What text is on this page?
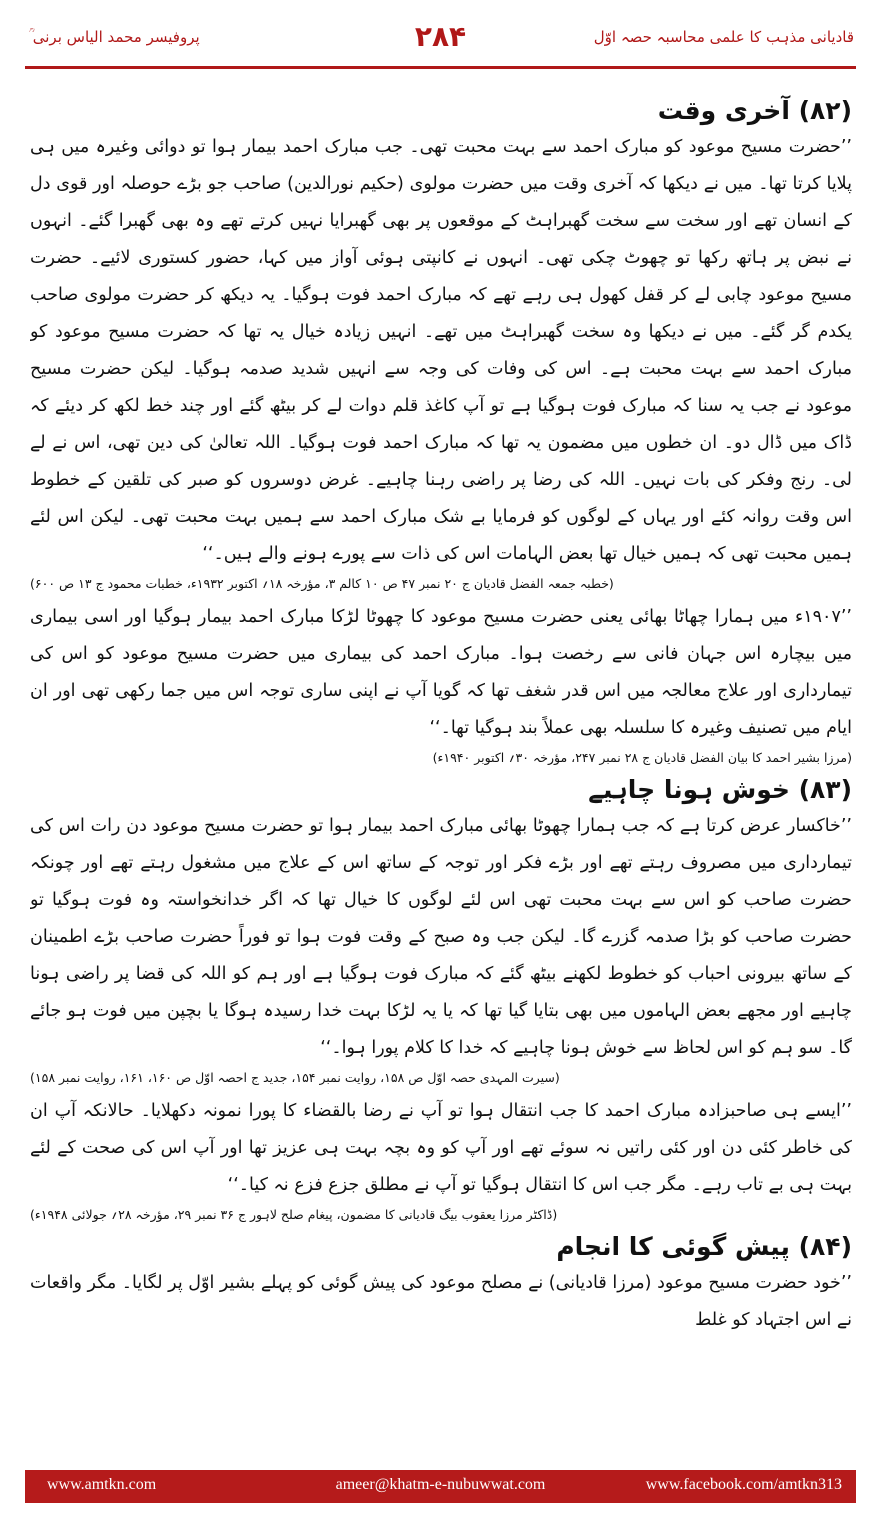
پروفیسر محمد الیاس برنی ؒ	۲۸۴	قادیانی مذہب کا علمی محاسبہ حصہ اوّل
(۸۲) آخری وقت

’’حضرت مسیح موعود کو مبارک احمد سے بہت محبت تھی۔ جب مبارک احمد بیمار ہوا تو دوائی وغیرہ میں ہی پلایا کرتا تھا۔ میں نے دیکھا کہ آخری وقت میں حضرت مولوی (حکیم نورالدین) صاحب جو بڑے حوصلہ اور قوی دل کے انسان تھے اور سخت سے سخت گھبراہٹ کے موقعوں پر بھی گھبرایا نہیں کرتے تھے وہ بھی گھبرا گئے۔ انہوں نے نبض پر ہاتھ رکھا تو چھوٹ چکی تھی۔ انہوں نے کانپتی ہوئی آواز میں کہا، حضور کستوری لائیے۔ حضرت مسیح موعود چابی لے کر قفل کھول ہی رہے تھے کہ مبارک احمد فوت ہوگیا۔ یہ دیکھ کر حضرت مولوی صاحب یکدم گر گئے۔ میں نے دیکھا وہ سخت گھبراہٹ میں تھے۔ انہیں زیادہ خیال یہ تھا کہ حضرت مسیح موعود کو مبارک احمد سے بہت محبت ہے۔ اس کی وفات کی وجہ سے انہیں شدید صدمہ ہوگیا۔ لیکن حضرت مسیح موعود نے جب یہ سنا کہ مبارک فوت ہوگیا ہے تو آپ کاغذ قلم دوات لے کر بیٹھ گئے اور چند خط لکھ کر دیئے کہ ڈاک میں ڈال دو۔ ان خطوں میں مضمون یہ تھا کہ مبارک احمد فوت ہوگیا۔ اللہ تعالیٰ کی دین تھی، اس نے لے لی۔ رنج وفکر کی بات نہیں۔ اللہ کی رضا پر راضی رہنا چاہیے۔ غرض دوسروں کو صبر کی تلقین کے خطوط اس وقت روانہ کئے اور یہاں کے لوگوں کو فرمایا بے شک مبارک احمد سے ہمیں بہت محبت تھی۔ لیکن اس لئے ہمیں محبت تھی کہ ہمیں خیال تھا بعض الہامات اس کی ذات سے پورے ہونے والے ہیں۔‘‘

(خطبہ جمعہ الفضل قادیان ج ۲۰ نمبر ۴۷ ص ۱۰ کالم ۳، مؤرخہ ۱۸؍ اکتوبر ۱۹۳۲ء، خطبات محمود ج ۱۳ ص ۶۰۰)

’’۱۹۰۷ء میں ہمارا چھاٹا بھائی یعنی حضرت مسیح موعود کا چھوٹا لڑکا مبارک احمد بیمار ہوگیا اور اسی بیماری میں بیچارہ اس جہان فانی سے رخصت ہوا۔ مبارک احمد کی بیماری میں حضرت مسیح موعود کو اس کی تیمارداری اور علاج معالجہ میں اس قدر شغف تھا کہ گویا آپ نے اپنی ساری توجہ اس میں جما رکھی تھی اور ان ایام میں تصنیف وغیرہ کا سلسلہ بھی عملاً بند ہوگیا تھا۔‘‘

(مرزا بشیر احمد کا بیان الفضل قادیان ج ۲۸ نمبر ۲۴۷، مؤرخہ ۳۰؍ اکتوبر ۱۹۴۰ء)

(۸۳) خوش ہونا چاہیے

’’خاکسار عرض کرتا ہے کہ جب ہمارا چھوٹا بھائی مبارک احمد بیمار ہوا تو حضرت مسیح موعود دن رات اس کی تیمارداری میں مصروف رہتے تھے اور بڑے فکر اور توجہ کے ساتھ اس کے علاج میں مشغول رہتے تھے اور چونکہ حضرت صاحب کو اس سے بہت محبت تھی اس لئے لوگوں کا خیال تھا کہ اگر خدانخواستہ وہ فوت ہوگیا تو حضرت صاحب کو بڑا صدمہ گزرے گا۔ لیکن جب وہ صبح کے وقت فوت ہوا تو فوراً حضرت صاحب بڑے اطمینان کے ساتھ بیرونی احباب کو خطوط لکھنے بیٹھ گئے کہ مبارک فوت ہوگیا ہے اور ہم کو اللہ کی قضا پر راضی ہونا چاہیے اور مجھے بعض الہاموں میں بھی بتایا گیا تھا کہ یا یہ لڑکا بہت خدا رسیدہ ہوگا یا بچپن میں فوت ہو جائے گا۔ سو ہم کو اس لحاظ سے خوش ہونا چاہیے کہ خدا کا کلام پورا ہوا۔‘‘

(سیرت المہدی حصہ اوّل ص ۱۵۸، روایت نمبر ۱۵۴، جدید ج احصہ اوّل ص ۱۶۰، ۱۶۱، روایت نمبر ۱۵۸)

’’ایسے ہی صاحبزادہ مبارک احمد کا جب انتقال ہوا تو آپ نے رضا بالقضاء کا پورا نمونہ دکھلایا۔ حالانکہ آپ ان کی خاطر کئی دن اور کئی راتیں نہ سوئے تھے اور آپ کو وہ بچہ بہت ہی عزیز تھا اور آپ اس کی صحت کے لئے بہت ہی بے تاب رہے۔ مگر جب اس کا انتقال ہوگیا تو آپ نے مطلق جزع فزع نہ کیا۔‘‘

(ڈاکٹر مرزا یعقوب بیگ قادیانی کا مضمون، پیغام صلح لاہور ج ۳۶ نمبر ۲۹، مؤرخہ ۲۸؍ جولائی ۱۹۴۸ء)

(۸۴) پیش گوئی کا انجام

’’خود حضرت مسیح موعود (مرزا قادیانی) نے مصلح موعود کی پیش گوئی کو پہلے بشیر اوّل پر لگایا۔ مگر واقعات نے اس اجتہاد کو غلط

www.amtkn.com	ameer@khatm-e-nubuwwat.com	www.facebook.com/amtkn313
